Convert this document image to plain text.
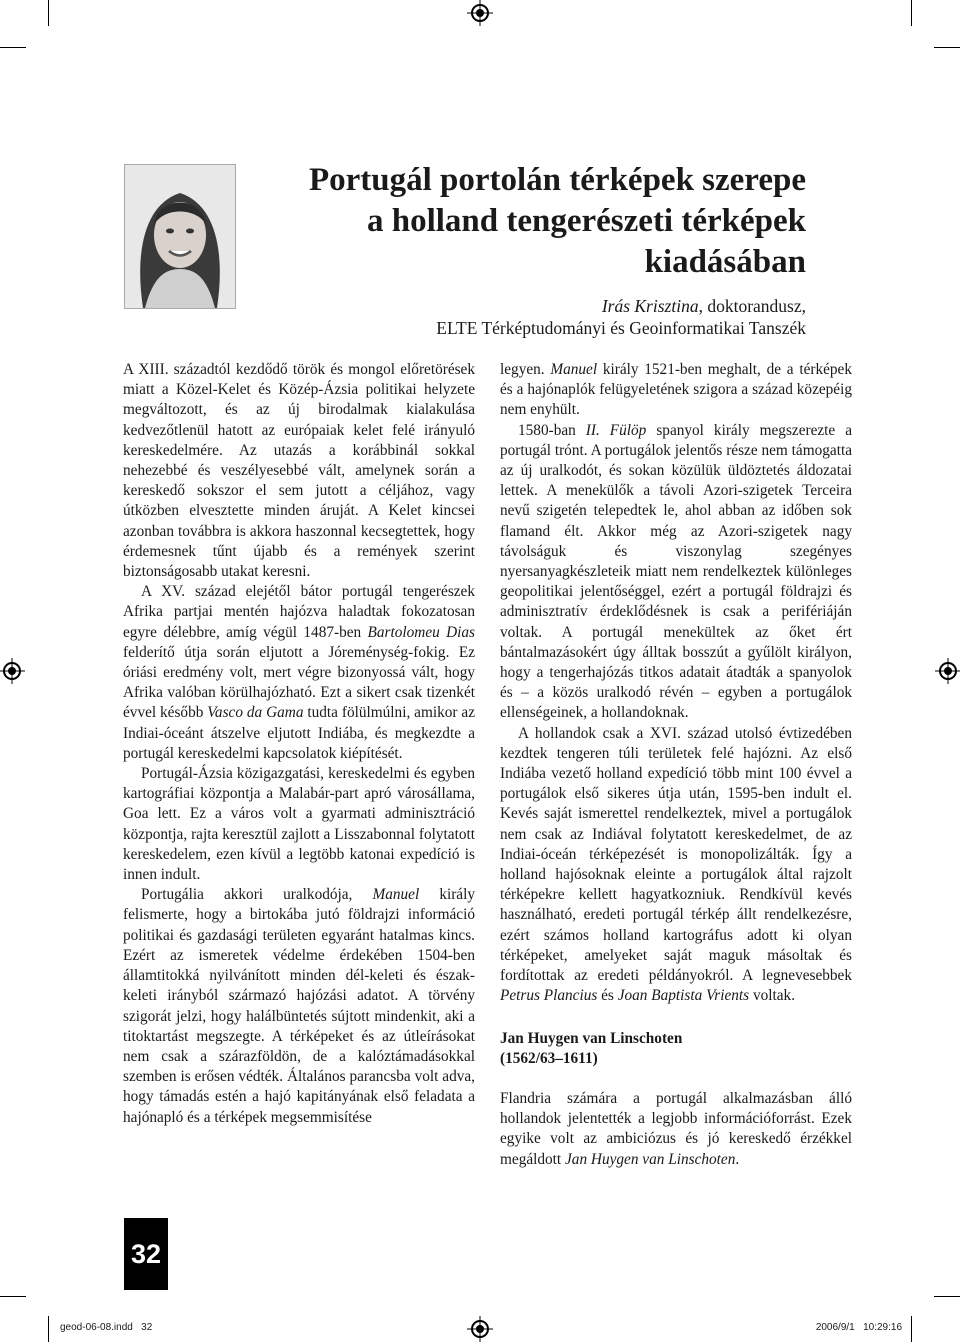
Portugál portolán térképek szerepe
a holland tengerészeti térképek
kiadásában
Irás Krisztina, doktorandusz,
ELTE Térképtudományi és Geoinformatikai Tanszék

A XIII. századtól kezdődő török és mongol előretörések miatt a Közel-Kelet és Közép-Ázsia politikai helyzete megváltozott, és az új birodalmak kialakulása kedvezőtlenül hatott az európaiak kelet felé irányuló kereskedelmére. Az utazás a korábbinál sokkal nehezebbé és veszélyesebbé vált, amelynek során a kereskedő sokszor el sem jutott a céljához, vagy útközben elvesztette minden áruját. A Kelet kincsei azonban továbbra is akkora haszonnal kecsegtettek, hogy érdemesnek tűnt újabb és a remények szerint biztonságosabb utakat keresni.

A XV. század elejétől bátor portugál tengerészek Afrika partjai mentén hajózva haladtak fokozatosan egyre délebbre, amíg végül 1487-ben Bartolomeu Dias felderítő útja során eljutott a Jóreménység-fokig. Ez óriási eredmény volt, mert végre bizonyossá vált, hogy Afrika valóban körülhajózható. Ezt a sikert csak tizenkét évvel később Vasco da Gama tudta fölülmúlni, amikor az Indiai-óceánt átszelve eljutott Indiába, és megkezdte a portugál kereskedelmi kapcsolatok kiépítését.

Portugál-Ázsia közigazgatási, kereskedelmi és egyben kartográfiai központja a Malabár-part apró városállama, Goa lett. Ez a város volt a gyarmati adminisztráció központja, rajta keresztül zajlott a Lisszabonnal folytatott kereskedelem, ezen kívül a legtöbb katonai expedíció is innen indult.

Portugália akkori uralkodója, Manuel király felismerte, hogy a birtokába jutó földrajzi információ politikai és gazdasági területen egyaránt hatalmas kincs. Ezért az ismeretek védelme érdekében 1504-ben államtitokká nyilvánított minden dél-keleti és észak-keleti irányból származó hajózási adatot. A törvény szigorát jelzi, hogy halálbüntetés sújtott mindenkit, aki a titoktartást megszegte. A térképeket és az útleírásokat nem csak a szárazföldön, de a kalóztámadásokkal szemben is erősen védték. Általános parancsba volt adva, hogy támadás estén a hajó kapitányának első feladata a hajónapló és a térképek megsemmisítése

legyen. Manuel király 1521-ben meghalt, de a térképek és a hajónaplók felügyeletének szigora a század közepéig nem enyhült.

1580-ban II. Fülöp spanyol király megszerezte a portugál trónt. A portugálok jelentős része nem támogatta az új uralkodót, és sokan közülük üldöztetés áldozatai lettek. A menekülők a távoli Azori-szigetek Terceira nevű szigetén telepedtek le, ahol abban az időben sok flamand élt. Akkor még az Azori-szigetek nagy távolságuk és viszonylag szegényes nyersanyagkészleteik miatt nem rendelkeztek különleges geopolitikai jelentőséggel, ezért a portugál földrajzi és adminisztratív érdeklődésnek is csak a perifériáján voltak. A portugál menekültek az őket ért bántalmazásokért úgy álltak bosszút a gyűlölt királyon, hogy a tengerhajózás titkos adatait átadták a spanyolok és – a közös uralkodó révén – egyben a portugálok ellenségeinek, a hollandoknak.

A hollandok csak a XVI. század utolsó évtizedében kezdtek tengeren túli területek felé hajózni. Az első Indiába vezető holland expedíció több mint 100 évvel a portugálok első sikeres útja után, 1595-ben indult el. Kevés saját ismerettel rendelkeztek, mivel a portugálok nem csak az Indiával folytatott kereskedelmet, de az Indiai-óceán térképezését is monopolizálták. Így a holland hajósoknak eleinte a portugálok által rajzolt térképekre kellett hagyatkozniuk. Rendkívül kevés használható, eredeti portugál térkép állt rendelkezésre, ezért számos holland kartográfus adott ki olyan térképeket, amelyeket saját maguk másoltak és fordítottak az eredeti példányokról. A legnevesebbek Petrus Plancius és Joan Baptista Vrients voltak.

Jan Huygen van Linschoten
(1562/63–1611)

Flandria számára a portugál alkalmazásban álló hollandok jelentették a legjobb információforrást. Ezek egyike volt az ambiciózus és jó kereskedő érzékkel megáldott Jan Huygen van Linschoten.

32
geod-06-08.indd   32	2006/9/1   10:29:16
